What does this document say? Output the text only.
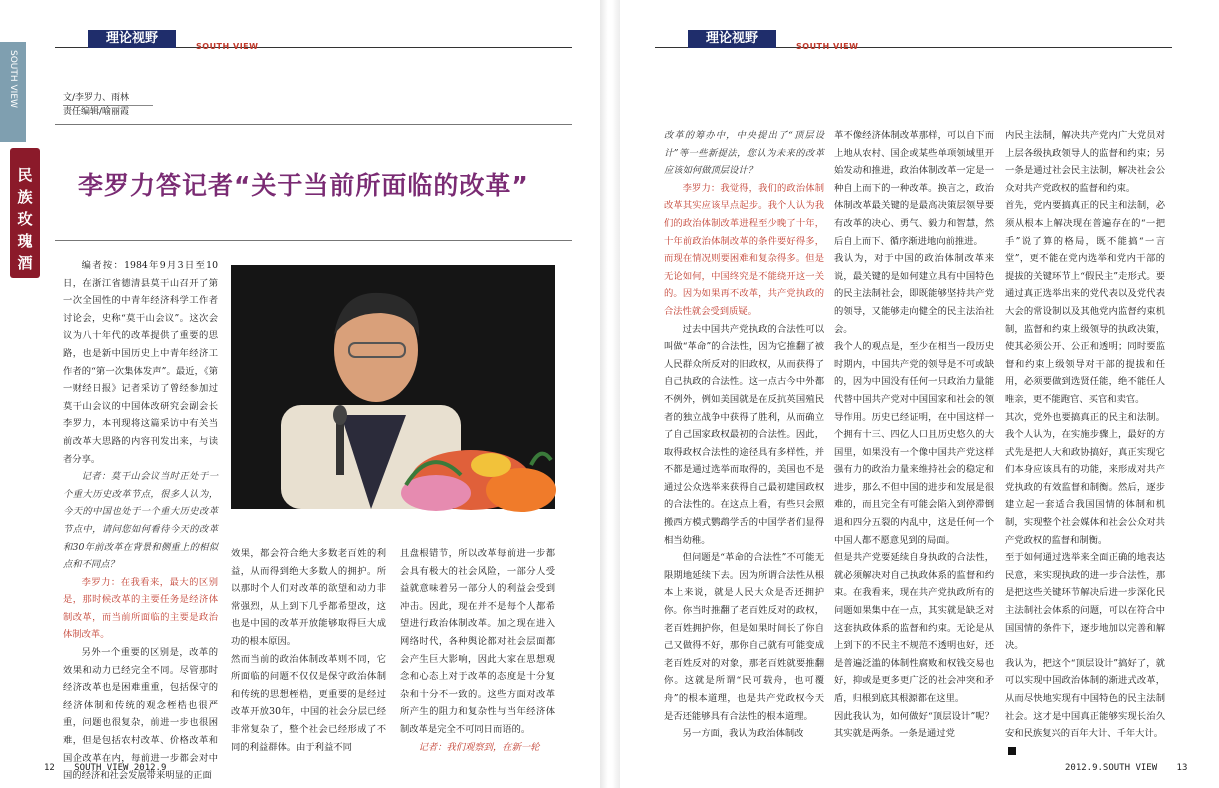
理论视野
SOUTH VIEW
SOUTH VIEW
民
族
玫
瑰
酒
文/李罗力、雨林
责任编辑/喻丽霞
李罗力答记者“关于当前所面临的改革”

编者按：1984年9月3日至10日，在浙江省德清县莫干山召开了第一次全国性的中青年经济科学工作者讨论会，史称“莫干山会议”。这次会议为八十年代的改革提供了重要的思路，也是新中国历史上中青年经济工作者的“第一次集体发声”。最近，《第一财经日报》记者采访了曾经参加过莫干山会议的中国体改研究会副会长李罗力，本刊现将这篇采访中有关当前改革大思路的内容刊发出来，与读者分享。

记者：莫干山会议当时正处于一个重大历史改革节点，很多人认为，今天的中国也处于一个重大历史改革节点中，请问您如何看待今天的改革和30年前改革在背景和侧重上的相似点和不同点？

李罗力：在我看来，最大的区别是，那时候改革的主要任务是经济体制改革，而当前所面临的主要是政治体制改革。

另外一个重要的区别是，改革的效果和动力已经完全不同。尽管那时经济改革也是困难重重，包括保守的经济体制和传统的观念桎梏也很严重，问题也很复杂，前进一步也很困难，但是包括农村改革、价格改革和国企改革在内，每前进一步都会对中国的经济和社会发展带来明显的正面

效果，都会符合绝大多数老百姓的利益，从而得到绝大多数人的拥护。所以那时个人们对改革的欲望和动力非常强烈，从上到下几乎都希望改，这也是中国的改革开放能够取得巨大成功的根本原因。
然而当前的政治体制改革则不同，它所面临的问题不仅仅是保守政治体制和传统的思想桎梏，更重要的是经过改革开放30年，中国的社会分层已经非常复杂了，整个社会已经形成了不同的利益群体。由于利益不同

且盘根错节，所以改革每前进一步都会具有极大的社会风险，一部分人受益就意味着另一部分人的利益会受到冲击。因此，现在并不是每个人都希望进行政治体制改革。加之现在进入网络时代，各种舆论都对社会层面都会产生巨大影响，因此大家在思想观念和心态上对于改革的态度是十分复杂和十分不一致的。这些方面对改革所产生的阻力和复杂性与当年经济体制改革是完全不可同日而语的。

记者：我们观察到，在新一轮

12 SOUTH VIEW 2012.9
理论视野
SOUTH VIEW

改革的筹办中，中央提出了“顶层设计”等一些新提法，您认为未来的改革应该如何做顶层设计？

李罗力：我觉得，我们的政治体制改革其实应该早点起步。我个人认为我们的政治体制改革进程至少晚了十年，十年前政治体制改革的条件要好得多，而现在情况则要困难和复杂得多。但是无论如何，中国终究是不能绕开这一关的。因为如果再不改革，共产党执政的合法性就会受到质疑。

过去中国共产党执政的合法性可以叫做“革命”的合法性，因为它推翻了被人民群众所反对的旧政权，从而获得了自己执政的合法性。这一点古今中外都不例外，例如美国就是在反抗英国殖民者的独立战争中获得了胜利，从而确立了自己国家政权最初的合法性。因此，取得政权合法性的途径具有多样性，并不都是通过选举而取得的，美国也不是通过公众选举来获得自己最初建国政权的合法性的。在这点上看，有些只会照搬西方模式鹦鹉学舌的中国学者们显得相当幼稚。

但问题是“革命的合法性”不可能无限期地延续下去。因为所谓合法性从根本上来说，就是人民大众是否还拥护你。你当时推翻了老百姓反对的政权，老百姓拥护你，但是如果时间长了你自己又做得不好，那你自己就有可能变成老百姓反对的对象，那老百姓就要推翻你。这就是所谓“民可载舟，也可覆舟”的根本道理，也是共产党政权今天是否还能够具有合法性的根本道理。

另一方面，我认为政治体制改

革不像经济体制改革那样，可以自下而上地从农村、国企或某些单项领域里开始发动和推进，政治体制改革一定是一种自上而下的一种改革。换言之，政治体制改革最关键的是最高决策层领导要有改革的决心、勇气、毅力和智慧，然后自上而下、循序渐进地向前推进。
我认为，对于中国的政治体制改革来说，最关键的是如何建立具有中国特色的民主法制社会，即既能够坚持共产党的领导，又能够走向健全的民主法治社会。
我个人的观点是，至少在相当一段历史时期内，中国共产党的领导是不可或缺的，因为中国没有任何一只政治力量能代替中国共产党对中国国家和社会的领导作用。历史已经证明，在中国这样一个拥有十三、四亿人口且历史悠久的大国里，如果没有一个像中国共产党这样强有力的政治力量来维持社会的稳定和进步，那么不但中国的进步和发展是很难的，而且完全有可能会陷入到停滞倒退和四分五裂的内乱中，这是任何一个中国人都不愿意见到的局面。
但是共产党要延续自身执政的合法性，就必须解决对自己执政体系的监督和约束。在我看来，现在共产党执政所有的问题如果集中在一点，其实就是缺乏对这套执政体系的监督和约束。无论是从上到下的不民主不规范不透明也好，还是普遍泛滥的体制性腐败和权钱交易也好，抑或是更多更广泛的社会冲突和矛盾，归根到底其根源都在这里。
因此我认为，如何做好“顶层设计”呢？其实就是两条。一条是通过党

内民主法制，解决共产党内广大党员对上层各级执政领导人的监督和约束；另一条是通过社会民主法制，解决社会公众对共产党政权的监督和约束。
首先，党内要搞真正的民主和法制，必须从根本上解决现在普遍存在的“一把手”说了算的格局，既不能搞“一言堂”，更不能在党内选举和党内干部的提拔的关键环节上“假民主”走形式。要通过真正选举出来的党代表以及党代表大会的常设制以及其他党内监督约束机制，监督和约束上级领导的执政决策，使其必须公开、公正和透明；同时要监督和约束上级领导对干部的提拔和任用，必须要做到选贤任能，绝不能任人唯亲，更不能跑官、买官和卖官。
其次，党外也要搞真正的民主和法制。我个人认为，在实施步骤上，最好的方式先是把人大和政协搞好，真正实现它们本身应该具有的功能，来形成对共产党执政的有效监督和制衡。然后，逐步建立起一套适合我国国情的体制和机制，实现整个社会媒体和社会公众对共产党政权的监督和制衡。
至于如何通过选举来全面正确的地表达民意，来实现执政的进一步合法性，那是把这些关键环节解决后进一步深化民主法制社会体系的问题，可以在符合中国国情的条件下，逐步地加以完善和解决。
我认为，把这个“顶层设计”搞好了，就可以实现中国政治体制的渐进式改革，从而尽快地实现有中国特色的民主法制社会。这才是中国真正能够实现长治久安和民族复兴的百年大计、千年大计。

2012.9.SOUTH VIEW 13
